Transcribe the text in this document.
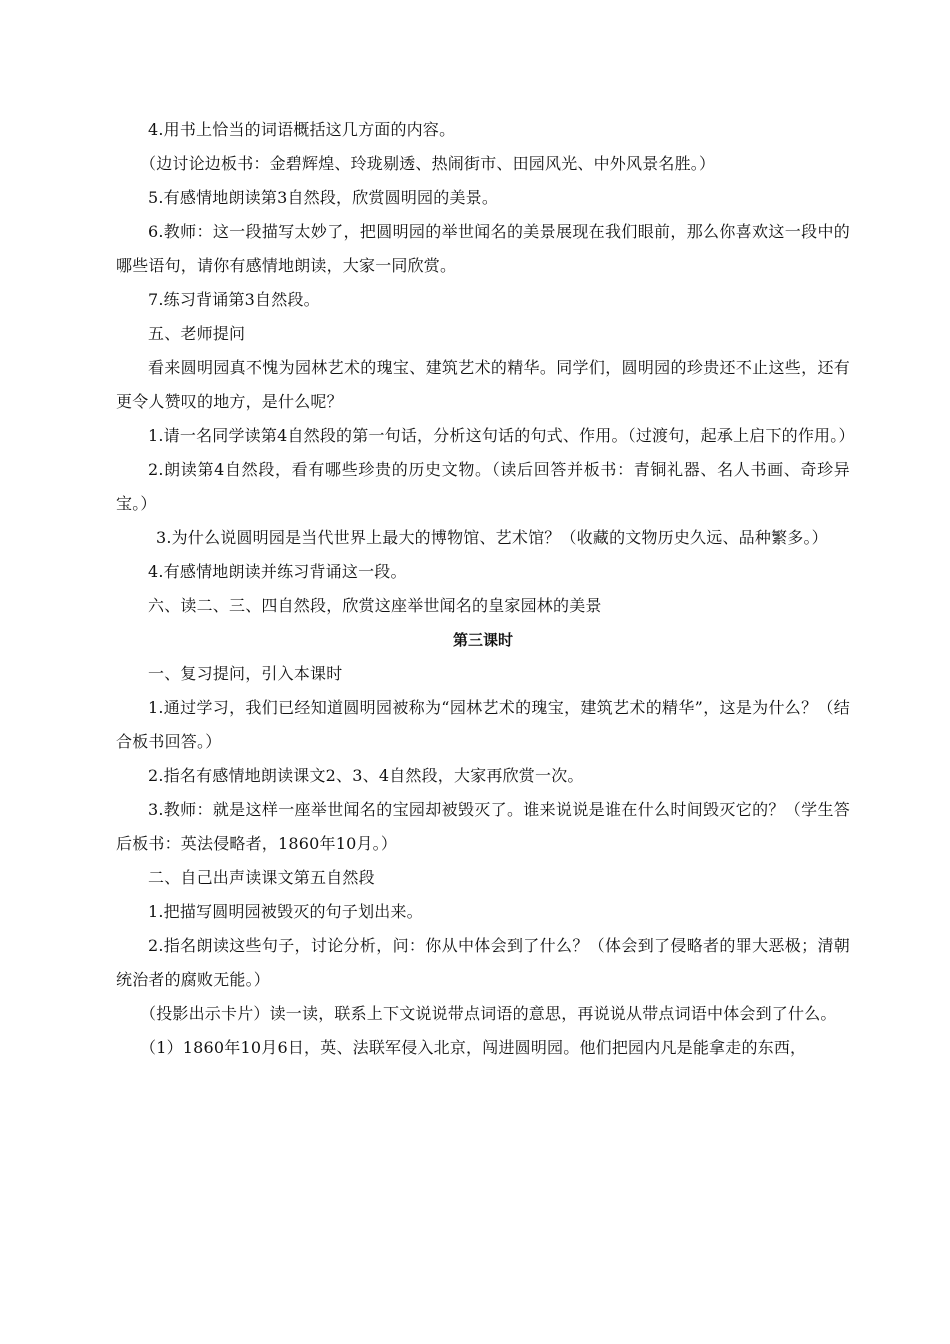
4.用书上恰当的词语概括这几方面的内容。

（边讨论边板书：金碧辉煌、玲珑剔透、热闹街市、田园风光、中外风景名胜。）

5.有感情地朗读第3自然段，欣赏圆明园的美景。

6.教师：这一段描写太妙了，把圆明园的举世闻名的美景展现在我们眼前，那么你喜欢这一段中的哪些语句，请你有感情地朗读，大家一同欣赏。

7.练习背诵第3自然段。

五、老师提问

看来圆明园真不愧为园林艺术的瑰宝、建筑艺术的精华。同学们，圆明园的珍贵还不止这些，还有更令人赞叹的地方，是什么呢？

1.请一名同学读第4自然段的第一句话，分析这句话的句式、作用。（过渡句，起承上启下的作用。）

2.朗读第4自然段，看有哪些珍贵的历史文物。（读后回答并板书：青铜礼器、名人书画、奇珍异宝。）

3.为什么说圆明园是当代世界上最大的博物馆、艺术馆？（收藏的文物历史久远、品种繁多。）

4.有感情地朗读并练习背诵这一段。

六、读二、三、四自然段，欣赏这座举世闻名的皇家园林的美景

第三课时

一、复习提问，引入本课时

1.通过学习，我们已经知道圆明园被称为“园林艺术的瑰宝，建筑艺术的精华”，这是为什么？（结合板书回答。）

2.指名有感情地朗读课文2、3、4自然段，大家再欣赏一次。

3.教师：就是这样一座举世闻名的宝园却被毁灭了。谁来说说是谁在什么时间毁灭它的？（学生答后板书：英法侵略者，1860年10月。）

二、自己出声读课文第五自然段

1.把描写圆明园被毁灭的句子划出来。

2.指名朗读这些句子，讨论分析，问：你从中体会到了什么？（体会到了侵略者的罪大恶极；清朝统治者的腐败无能。）

（投影出示卡片）读一读，联系上下文说说带点词语的意思，再说说从带点词语中体会到了什么。

（1）1860年10月6日，英、法联军侵入北京，闯进圆明园。他们把园内凡是能拿走的东西，
